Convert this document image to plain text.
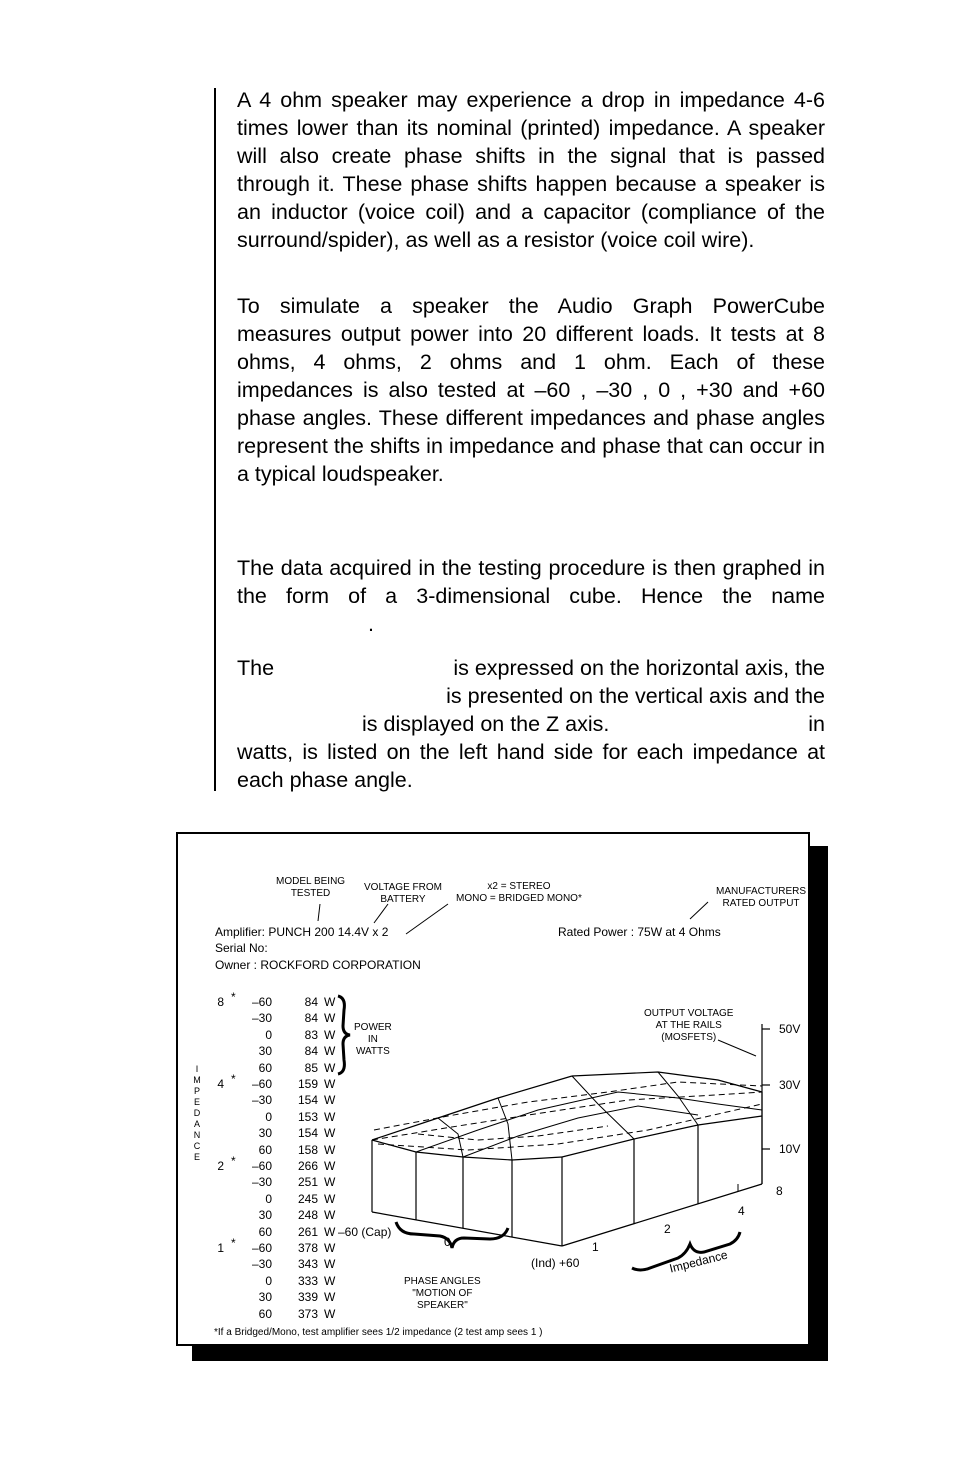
A 4 ohm speaker may experience a drop in impedance 4-6 times lower than its nominal (printed) impedance. A speaker will also create phase shifts in the signal that is passed through it. These phase shifts happen because a speaker is an inductor (voice coil) and a capacitor (compliance of the surround/spider), as well as a resistor (voice coil wire).

To simulate a speaker the Audio Graph PowerCube measures output power into 20 different loads. It tests at 8 ohms, 4 ohms, 2 ohms and 1 ohm. Each of these impedances is also tested at –60 , –30 , 0 , +30 and +60 phase angles. These different impedances and phase angles represent the shifts in impedance and phase that can occur in a typical loudspeaker.

The data acquired in the testing procedure is then graphed in the form of a 3-dimensional cube. Hence the name

.
The	is expressed on the horizontal axis, the
is presented on the vertical axis and the
is displayed on the Z axis.	in

watts, is listed on the left hand side for each impedance at each phase angle.

MODEL BEING
TESTED
VOLTAGE FROM
BATTERY
x2 = STEREO
MONO = BRIDGED MONO*
MANUFACTURERS
RATED OUTPUT
Amplifier: PUNCH 200 14.4V x 2
Serial No:
Owner : ROCKFORD CORPORATION
Rated Power : 75W at 4 Ohms
I
M
P
E
D
A
N
C
E
8 *	–60	84 W
–30	84 W
0	83 W
30	84 W
60	85 W
4 *	–60	159 W
–30	154 W
0	153 W
30	154 W
60	158 W
2 *	–60	266 W
–30	251 W
0	245 W
30	248 W
60	261 W
1 *	–60	378 W
–30	343 W
0	333 W
30	339 W
60	373 W
POWER
IN
WATTS
OUTPUT VOLTAGE
AT THE RAILS
(MOSFETS)
50V
30V
10V
8
4
2
1
–60 (Cap)
0
(Ind) +60	Impedance
PHASE ANGLES
"MOTION OF
SPEAKER"
*If a Bridged/Mono, test amplifier sees 1/2 impedance (2 test amp sees 1 )
